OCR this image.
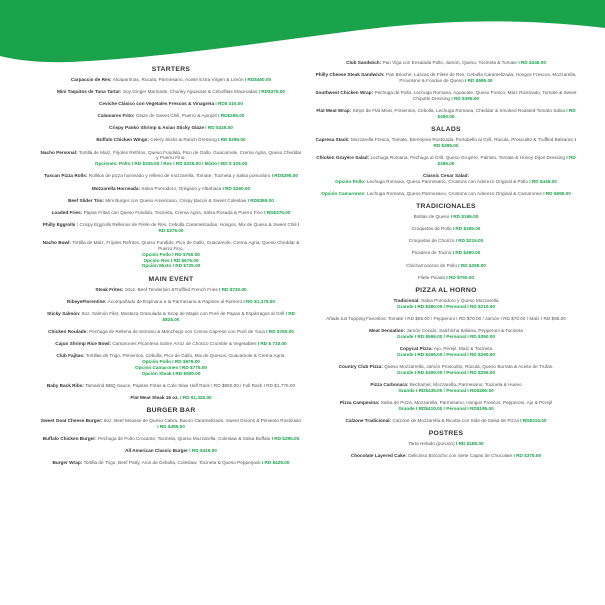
STARTERS
Carpaccio de Res: Alcaparrinas, Rúcula, Parmesano, Aceite Extra Virgen & Limón I RD$460.00
Mini Taquitos de Tuna Tartar: Soy Ginger Marinade, Chunky Aguacate & Cebollitas Maceradas I RD$375.00
Ceviche Clásico con Vegetales Frescos & Vinagreta I RD$ 415.00
Calamares Frito: Glaze de Sweet Chili, Puerro & Ajonjolí I RD$295.00
Crispy Panko Shrimp & Asian Sticky Glaze I RD $425.00
Buffalo Chicken Wings: Celery Sticks & Ranch Dressing I RD $295.00
Nacho Personal: Tortilla de Maíz, Frijoles Refritos, Queso Fundido, Pico de Gallo, Guacamole, Crema Agria, Queso Cheddar y Puerro Fino.
Opciones: Pollo I RD $335.00 / Res I RD $325.00 / Mixto I RD $ 325.00
Tuscan Pizza Rolls: Rollitos de pizza horneado y relleno de mozzarella, Tomate, Tocineta y Salsa pomodoro I RD$295.00
Mozzarella Horneada: Salsa Pomodoro, Orégano y Albahaca I RD $260.00
Beef Slider Trio: Mini Burger con Queso Americano, Crispy Bacon & Sweet Coleslaw I RD$365.00
Loaded Fries: Papas Fritas con Queso Fundido, Tocineta, Crema Agria, Salsa Rosada & Puerro Fino I RD$375.00
Philly Eggrolls : Crispy Eggrolls Rellenos de Filete de Res, Cebolla Caramelizadas, Hongos, Mix de Queso & Sweet Chili I RD $375.00
Nacho Bowl: Tortilla de Maíz, Frijoles Refritos, Queso Fundido, Pico de Gallo, Guacamole, Crema Agria, Queso Cheddar & Puerro Fino.
Opción Pollo I RD $750.00
Opción Res I RD $675.00
Opción Mixto I RD $725.00
MAIN EVENT
Steak Frites: 10oz. Beef Tenderloin &Truffled French Fries I RD $730.00
RibeyeFlorentine: Acompañado de Espinaca a la Parmesana & Papines al Romero I RD $1,375.00
Sticky Salmón: 8oz. Salmón Filet, Mostaza Granulada & Sirop de Maple con Puré de Papas & Espárragos al Grill I RD $825.00
Chicken Roulade: Pechuga de Rellena de Serrano & Manchego con Crema Caprese con Puré de Yuca I RD $760.00
Cajun Shrimp Rice Bowl: Camarones Picantesa Sobre Arroz de Chorizo Crumble & Vegetables I RD $ 710.00
Club Fajitas: Tortillas de Trigo, Pimientos, Cebolla, Pico de Gallo, Mix de Quesos, Guacamole & Crema Agria.
Opción Pollo I RD $675.00
Opción Camarones I RD $775.00
Opción Steak I RD $900.00
Baby Back Ribs: Tamarind BBQ Sauce, Papitas Fritas & Cole Slaw Half Rack I RD $850.00 / Full Rack I RD $1,775.00
Flat Meat Steak 16 oz. I RD $1,325.00
BURGER BAR
Sweet Goat Cheese Burger: 8oz. Beef Mousse de Queso Cabra, Bacon Caramelizado, Sweet Onions & Pimiento Rostizado I RD $495.00
Buffalo Chicken Burger: Pechuga de Pollo Crocante, Tocineta, Queso Mozzarella, Coleslaw & Salsa Buffalo I RD $395.00
All American Classic Burger I RD $415.00
Burger Wrap: Tortilla de Trigo, Beef Patty, Aros de Cebolla, Coleslaw, Tocineta & Queso Pepperjack I RD $425.00
Club Sandwich: Pan Viga con Ensalada Pollo, Jamón, Queso, Tocineta & Tomate I RD $345.00
Philly Cheese Steak Sandwich: Pan Brioche, Lascas de Filete de Res, Cebolla Caramelizada, Hongos Frescos, Mozzarella, Provolone & Fondue de Queso I RD $595.00
Southwest Chicken Wrap: Pechuga de Pollo, Lechuga Romana, Aguacate, Queso Fresco, Maíz Rostizado, Tomate & Sweet Chipotle Dressing I RD $395.00
Flat Meat Wrap: Strips de Flat Meat, Pimientos, Cebolla, Lechuga Romana, Cheddar & Smoked Roasted Tomato Salsa I RD $450.00
SALADS
Capresa Stack: Mozzarella Fresca, Tomate, Berenjena Rostizada, Portobello al Grill, Rúcula, Proscuitto & Truffled Balsamic I RD $395.00
Chicken Gruyère Salad: Lechuga Romana, Pechuga al Grill, Queso Gruyère, Palmito, Tomate & Honey Dijon Dressing I RD $395.00
Classic Cesar Salad:
Opción Pollo: Lechuga Romana, Queso Parmesano, Crostons con Aderezo Original & Pollo I RD $445.00
Opción Camarones: Lechuga Romana, Queso Parmesano, Crostons con Aderezo Original & Camarones I RD $595.00
TRADICIONALES
Bolitas de Queso I RD $195.00
Croquetas de Pollo I RD $195.00
Croquetas de Chorizo I RD $215.00
Picadera de Tocino I RD $490.00
Chicharroncitos de Pollo I RD $295.00
Filete Picado I RD $750.00
PIZZA AL HORNO
Tradicional: Salsa Pomodoro y Queso Mozzarella
Grande I RD $380.00 / Personal I RD $210.00
Añade tus Topping Favoritos: Tomate I RD $65.00 / Pepperoni I RD $70.00 / Jamón I RD $70.00 / Maíz I RD $95.00
Meat Sensation: Jamón Cocido, Salchicha Italiana, Pepperoni & Tocineta
Grande I RD $595.00 / Personal I RD $390.00
Copycat Pizza: Ajo, Perejil, Maíz & Tocineta
Grande I RD $495.00 / Personal I RD $290.00
Country Club Pizza: Queso Mozzarrella, Jamón Proscuitto, Rúcula, Queso Burrata & Aceite de Trufas.
Grande I RD $495.00 / Personal I RD $295.00
Pizza Carbonara: Bechamel, Mozzarella, Parmesano, Tocineta & Huevo
Grande I RD$435.00 / Personal I RD$260.00
Pizza Campesina: Salsa de Pizza, Mozzarella, Parmesano, Hongos Frescos, Pepperoni, Ajo & Perejil
Grande I RD$410.00 / Personal I RD$195.00
Calzone Tradicional: Calzone de Mozzarella & Ricotta con Side de Salsa de Pizza I RD$315.00
POSTRES
Tarta Helado (porción) I RD $185.00
Chocolate Layered Cake: Delicioso Bizcocho con Siete Capas de Chocolate I RD $375.00
